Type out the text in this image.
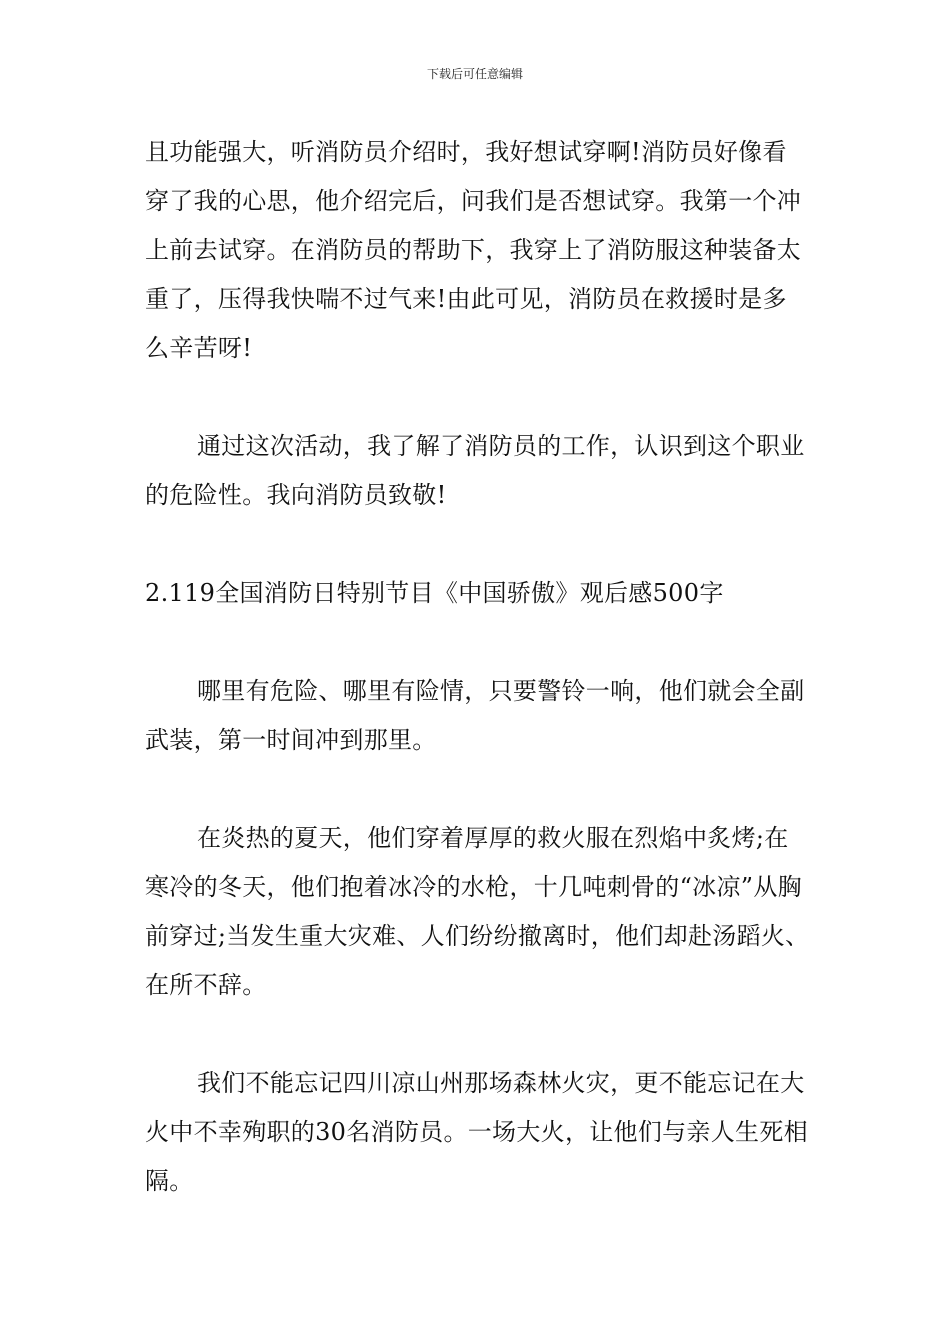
下载后可任意编辑

且功能强大，听消防员介绍时，我好想试穿啊!消防员好像看穿了我的心思，他介绍完后，问我们是否想试穿。我第一个冲上前去试穿。在消防员的帮助下，我穿上了消防服这种装备太重了，压得我快喘不过气来!由此可见，消防员在救援时是多么辛苦呀!

通过这次活动，我了解了消防员的工作，认识到这个职业的危险性。我向消防员致敬!

2.119全国消防日特别节目《中国骄傲》观后感500字

哪里有危险、哪里有险情，只要警铃一响，他们就会全副武装，第一时间冲到那里。

在炎热的夏天，他们穿着厚厚的救火服在烈焰中炙烤;在寒冷的冬天，他们抱着冰冷的水枪，十几吨刺骨的“冰凉”从胸前穿过;当发生重大灾难、人们纷纷撤离时，他们却赴汤蹈火、在所不辞。

我们不能忘记四川凉山州那场森林火灾，更不能忘记在大火中不幸殉职的30名消防员。一场大火，让他们与亲人生死相隔。
